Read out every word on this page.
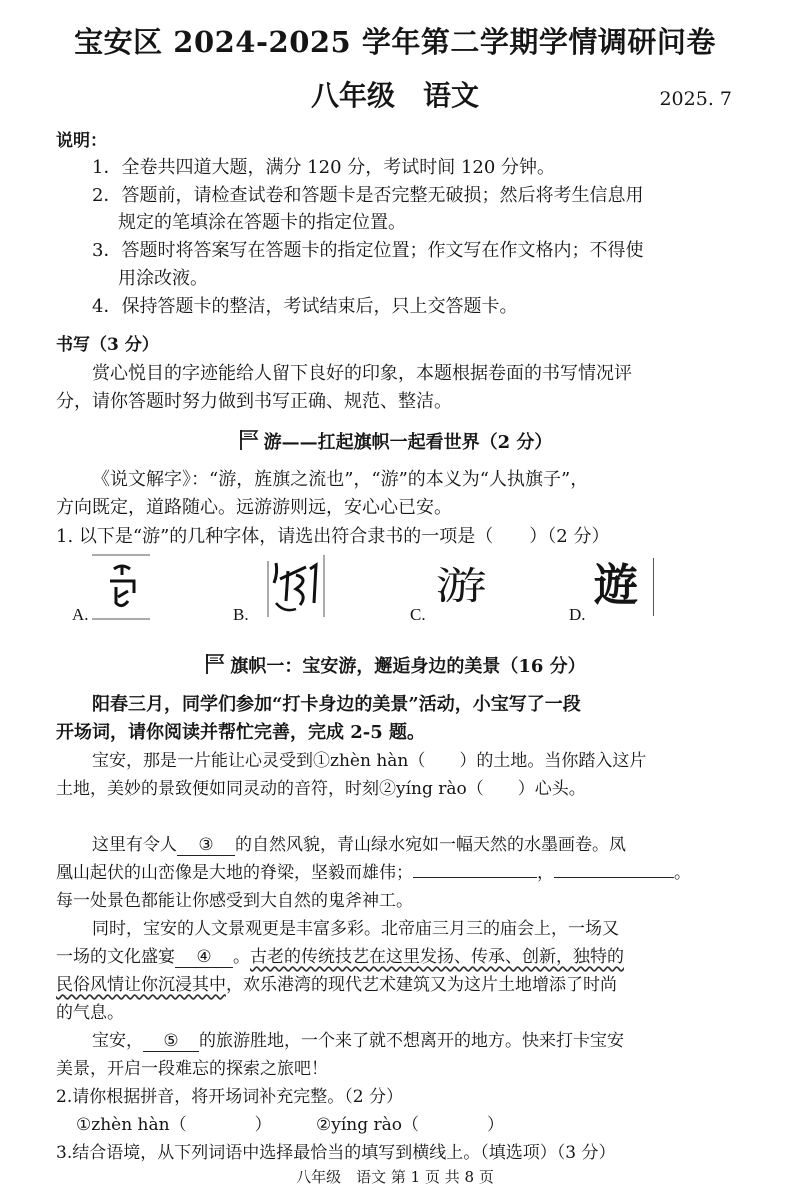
宝安区 2024-2025 学年第二学期学情调研问卷
八年级　语文	2025. 7
说明：
1．全卷共四道大题，满分 120 分，考试时间 120 分钟。
2．答题前，请检查试卷和答题卡是否完整无破损；然后将考生信息用
规定的笔填涂在答题卡的指定位置。
3．答题时将答案写在答题卡的指定位置；作文写在作文格内；不得使
用涂改液。
4．保持答题卡的整洁，考试结束后，只上交答题卡。
书写（3 分）
赏心悦目的字迹能给人留下良好的印象，本题根据卷面的书写情况评
分，请你答题时努力做到书写正确、规范、整洁。
游——扛起旗帜一起看世界（2 分）
《说文解字》：“游，旌旗之流也”，“游”的本义为“人执旗子”，
方向既定，道路随心。远游游则远，安心心已安。
1. 以下是“游”的几种字体，请选出符合隶书的一项是（　　）（2 分）
A.	B.	C.
游
D.
遊
旗帜一：宝安游，邂逅身边的美景（16 分）
阳春三月，同学们参加“打卡身边的美景”活动，小宝写了一段
开场词，请你阅读并帮忙完善，完成 2-5 题。
宝安，那是一片能让心灵受到①zhèn hàn（　　）的土地。当你踏入这片
土地，美妙的景致便如同灵动的音符，时刻②yíng rào（　　）心头。
这里有令人 ③ 的自然风貌，青山绿水宛如一幅天然的水墨画卷。凤
凰山起伏的山峦像是大地的脊梁，坚毅而雄伟；	，	。
每一处景色都能让你感受到大自然的鬼斧神工。
同时，宝安的人文景观更是丰富多彩。北帝庙三月三的庙会上，一场又
一场的文化盛宴 ④ 。古老的传统技艺在这里发扬、传承、创新，独特的
民俗风情让你沉浸其中，欢乐港湾的现代艺术建筑又为这片土地增添了时尚
的气息。
宝安， ⑤ 的旅游胜地，一个来了就不想离开的地方。快来打卡宝安
美景，开启一段难忘的探索之旅吧！
2.请你根据拼音，将开场词补充完整。（2 分）
①zhèn hàn（　　　　）	②yíng rào（　　　　）
3.结合语境，从下列词语中选择最恰当的填写到横线上。（填选项）（3 分）
八年级　语文 第 1 页 共 8 页
